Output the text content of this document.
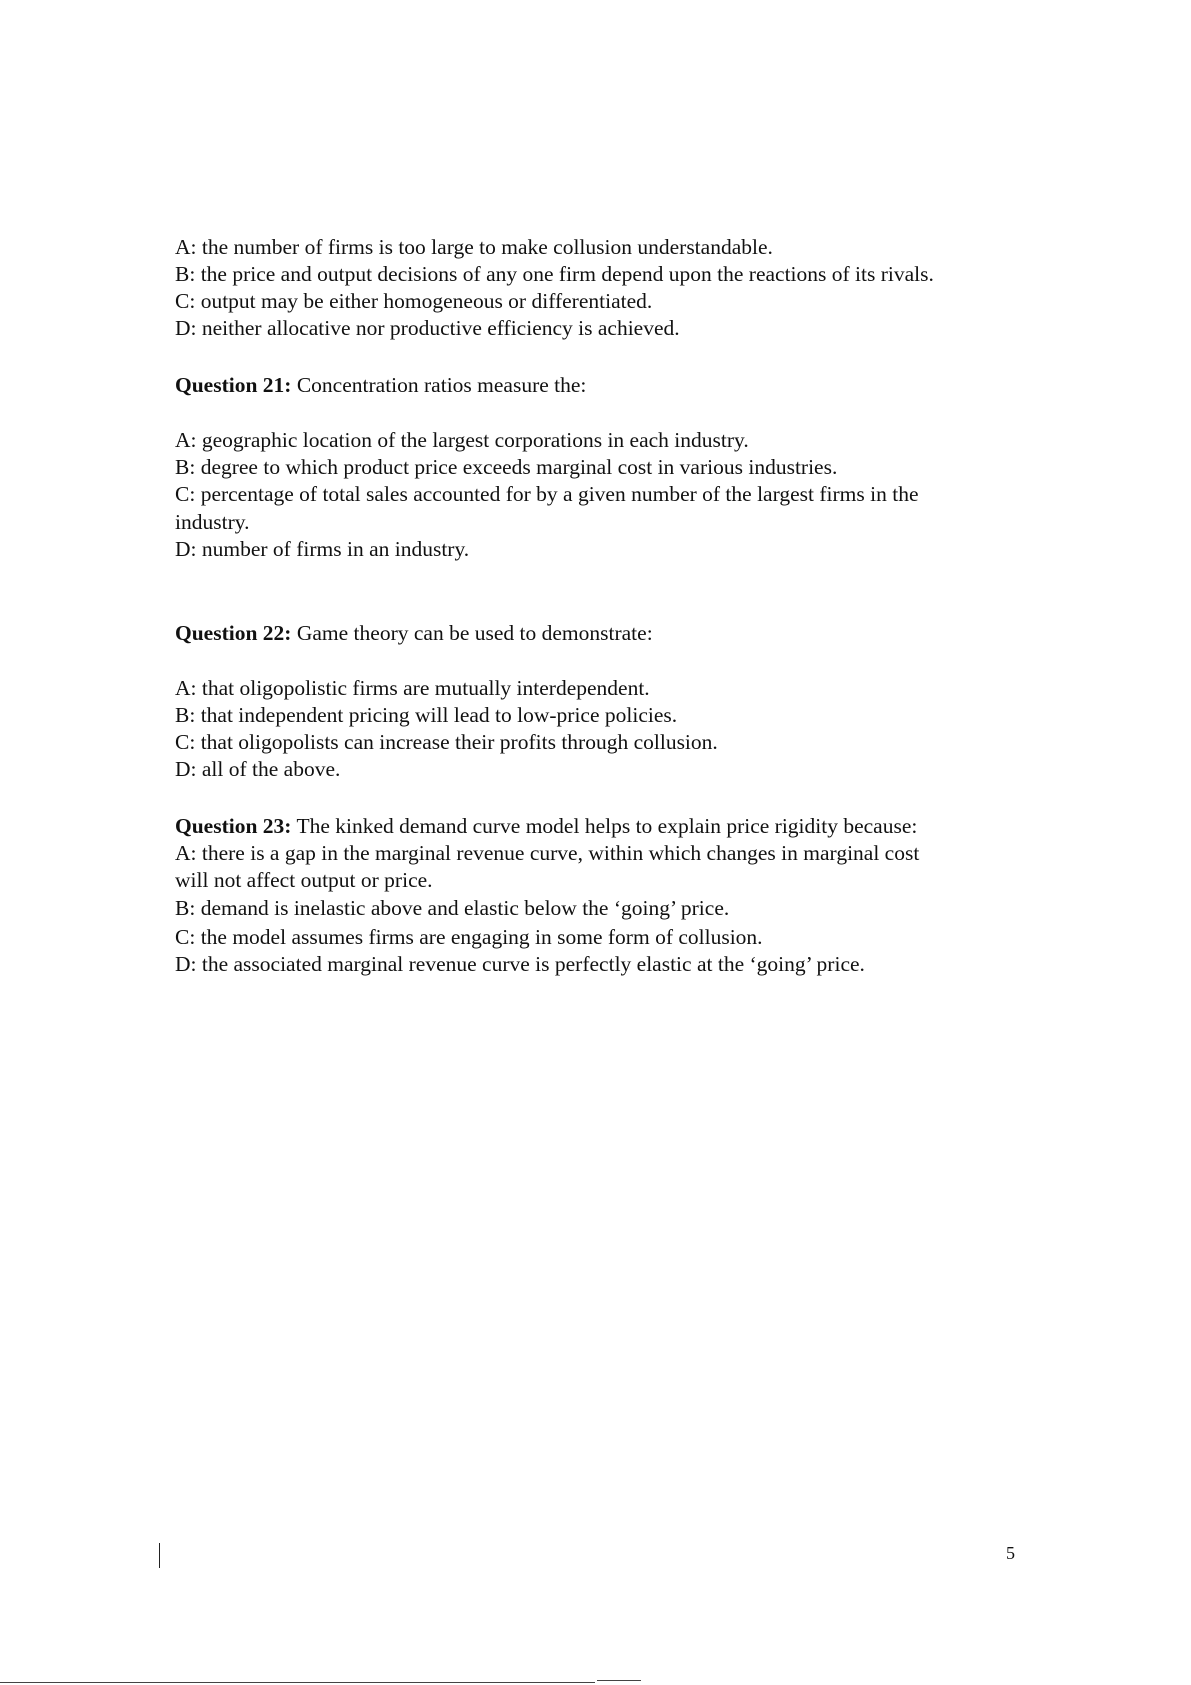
A: the number of firms is too large to make collusion understandable.
B: the price and output decisions of any one firm depend upon the reactions of its rivals.
C: output may be either homogeneous or differentiated.
D: neither allocative nor productive efficiency is achieved.
Question 21: Concentration ratios measure the:
A: geographic location of the largest corporations in each industry.
B: degree to which product price exceeds marginal cost in various industries.
C: percentage of total sales accounted for by a given number of the largest firms in the
industry.
D: number of firms in an industry.
Question 22: Game theory can be used to demonstrate:
A: that oligopolistic firms are mutually interdependent.
B: that independent pricing will lead to low-price policies.
C: that oligopolists can increase their profits through collusion.
D: all of the above.
Question 23: The kinked demand curve model helps to explain price rigidity because:
A: there is a gap in the marginal revenue curve, within which changes in marginal cost
will not affect output or price.
B: demand is inelastic above and elastic below the ‘going’ price.
C: the model assumes firms are engaging in some form of collusion.
D: the associated marginal revenue curve is perfectly elastic at the ‘going’ price.
5
